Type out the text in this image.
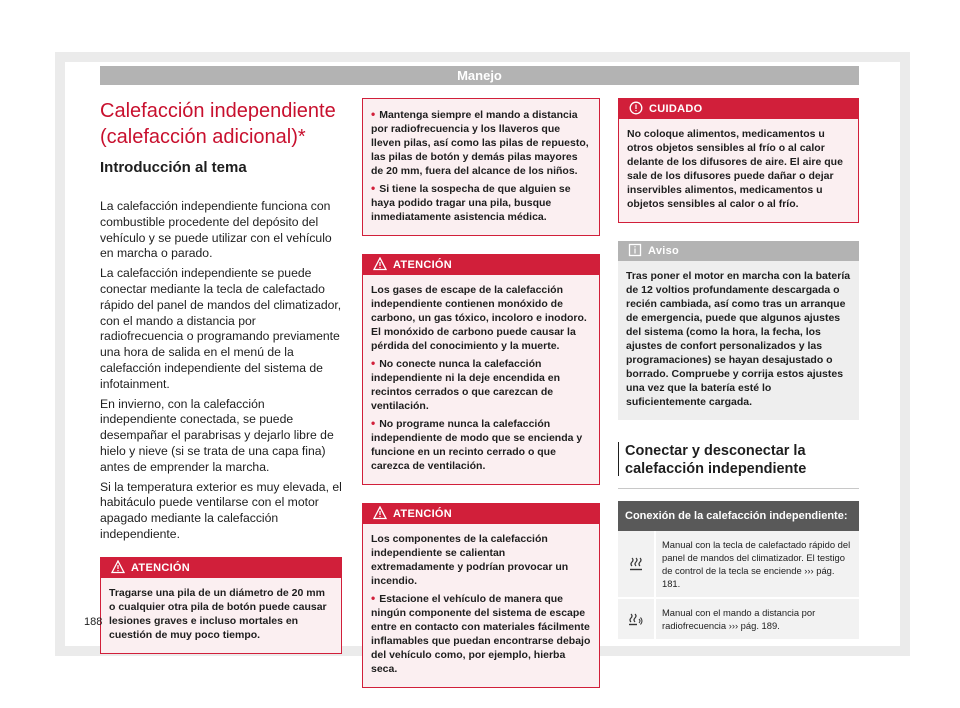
Manejo
Calefacción independiente (calefacción adicional)*
Introducción al tema

La calefacción independiente funciona con combustible procedente del depósito del vehículo y se puede utilizar con el vehículo en marcha o parado.

La calefacción independiente se puede conectar mediante la tecla de calefactado rápido del panel de mandos del climatizador, con el mando a distancia por radiofrecuencia o programando previamente una hora de salida en el menú de la calefacción independiente del sistema de infotainment.

En invierno, con la calefacción independiente conectada, se puede desempañar el parabrisas y dejarlo libre de hielo y nieve (si se trata de una capa fina) antes de emprender la marcha.

Si la temperatura exterior es muy elevada, el habitáculo puede ventilarse con el motor apagado mediante la calefacción independiente.

ATENCIÓN

Tragarse una pila de un diámetro de 20 mm o cualquier otra pila de botón puede causar lesiones graves e incluso mortales en cuestión de muy poco tiempo.

• Mantenga siempre el mando a distancia por radiofrecuencia y los llaveros que lleven pilas, así como las pilas de repuesto, las pilas de botón y demás pilas mayores de 20 mm, fuera del alcance de los niños.

• Si tiene la sospecha de que alguien se haya podido tragar una pila, busque inmediatamente asistencia médica.

ATENCIÓN

Los gases de escape de la calefacción independiente contienen monóxido de carbono, un gas tóxico, incoloro e inodoro. El monóxido de carbono puede causar la pérdida del conocimiento y la muerte.

• No conecte nunca la calefacción independiente ni la deje encendida en recintos cerrados o que carezcan de ventilación.

• No programe nunca la calefacción independiente de modo que se encienda y funcione en un recinto cerrado o que carezca de ventilación.

ATENCIÓN

Los componentes de la calefacción independiente se calientan extremadamente y podrían provocar un incendio.

• Estacione el vehículo de manera que ningún componente del sistema de escape entre en contacto con materiales fácilmente inflamables que puedan encontrarse debajo del vehículo como, por ejemplo, hierba seca.

CUIDADO

No coloque alimentos, medicamentos u otros objetos sensibles al frío o al calor delante de los difusores de aire. El aire que sale de los difusores puede dañar o dejar inservibles alimentos, medicamentos u objetos sensibles al calor o al frío.

Aviso

Tras poner el motor en marcha con la batería de 12 voltios profundamente descargada o recién cambiada, así como tras un arranque de emergencia, puede que algunos ajustes del sistema (como la hora, la fecha, los ajustes de confort personalizados y las programaciones) se hayan desajustado o borrado. Compruebe y corrija estos ajustes una vez que la batería esté lo suficientemente cargada.

Conectar y desconectar la calefacción independiente
Conexión de la calefacción independiente:
Manual con la tecla de calefactado rápido del panel de mandos del climatizador. El testigo de control de la tecla se enciende ››› pág. 181.
Manual con el mando a distancia por radiofrecuencia ››› pág. 189.
188
